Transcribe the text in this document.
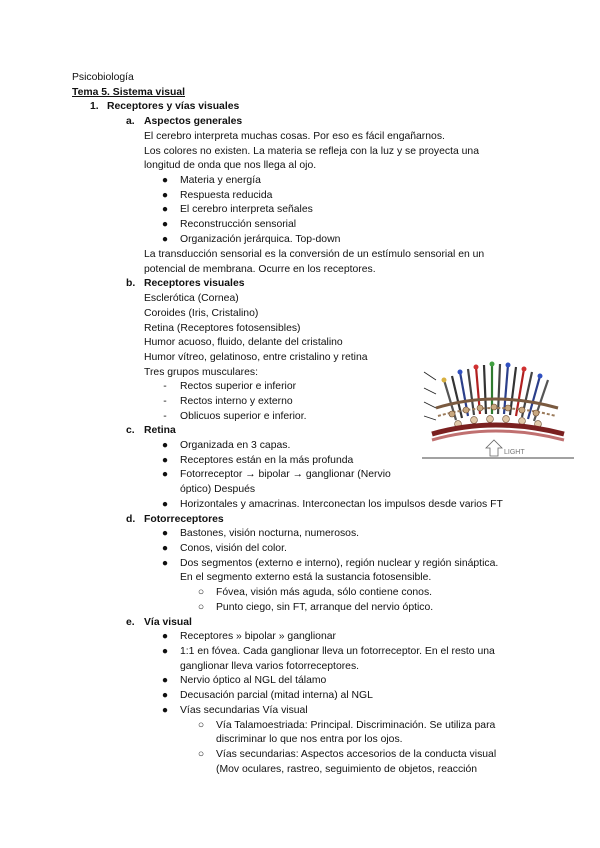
Psicobiología
Tema 5. Sistema visual
1. Receptores y vías visuales
a. Aspectos generales
El cerebro interpreta muchas cosas. Por eso es fácil engañarnos.
Los colores no existen. La materia se refleja con la luz y se proyecta una
longitud de onda que nos llega al ojo.
● Materia y energía
● Respuesta reducida
● El cerebro interpreta señales
● Reconstrucción sensorial
● Organización jerárquica. Top-down
La transducción sensorial es la conversión de un estímulo sensorial en un
potencial de membrana. Ocurre en los receptores.
b. Receptores visuales
Esclerótica (Cornea)
Coroides (Iris, Cristalino)
Retina (Receptores fotosensibles)
Humor acuoso, fluido, delante del cristalino
Humor vítreo, gelatinoso, entre cristalino y retina
Tres grupos musculares:
-	Rectos superior e inferior
-	Rectos interno y externo
-	Oblicuos superior e inferior.
c. Retina
● Organizada en 3 capas.
● Receptores están en la más profunda
● Fotorreceptor → bipolar → ganglionar (Nervio
óptico) Después
● Horizontales y amacrinas. Interconectan los impulsos desde varios FT
d. Fotorreceptores
● Bastones, visión nocturna, numerosos.
● Conos, visión del color.
● Dos segmentos (externo e interno), región nuclear y región sináptica.
En el segmento externo está la sustancia fotosensible.
○ Fóvea, visión más aguda, sólo contiene conos.
○ Punto ciego, sin FT, arranque del nervio óptico.
e. Vía visual
● Receptores » bipolar » ganglionar
● 1:1 en fóvea. Cada ganglionar lleva un fotorreceptor. En el resto una
ganglionar lleva varios fotorreceptores.
● Nervio óptico al NGL del tálamo
● Decusación parcial (mitad interna) al NGL
● Vías secundarias Vía visual
○ Vía Talamoestriada: Principal. Discriminación. Se utiliza para
discriminar lo que nos entra por los ojos.
○ Vías secundarias: Aspectos accesorios de la conducta visual
(Mov oculares, rastreo, seguimiento de objetos, reacción
LIGHT
